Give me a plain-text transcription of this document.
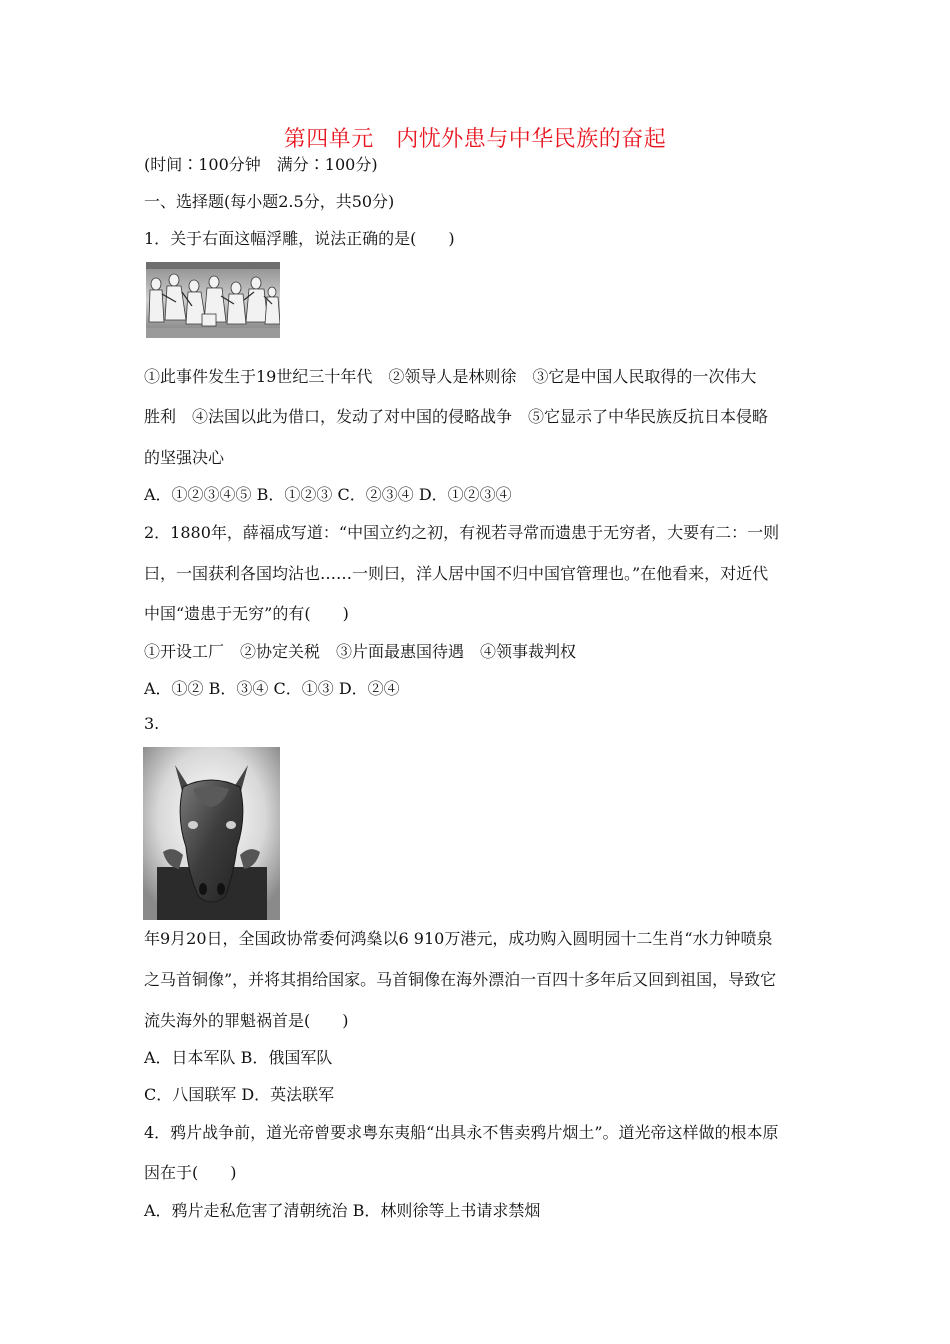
第四单元　内忧外患与中华民族的奋起
(时间∶100分钟　满分∶100分)
一、选择题(每小题2.5分，共50分)
1．关于右面这幅浮雕，说法正确的是(　　)
①此事件发生于19世纪三十年代　②领导人是林则徐　③它是中国人民取得的一次伟大
胜利　④法国以此为借口，发动了对中国的侵略战争　⑤它显示了中华民族反抗日本侵略
的坚强决心
A．①②③④⑤ B．①②③ C．②③④ D．①②③④
2．1880年，薛福成写道：“中国立约之初，有视若寻常而遗患于无穷者，大要有二：一则
曰，一国获利各国均沾也……一则曰，洋人居中国不归中国官管理也。”在他看来，对近代
中国“遗患于无穷”的有(　　)
①开设工厂　②协定关税　③片面最惠国待遇　④领事裁判权
A．①② B．③④ C．①③ D．②④
3.
年9月20日，全国政协常委何鸿燊以6 910万港元，成功购入圆明园十二生肖“水力钟喷泉
之马首铜像”，并将其捐给国家。马首铜像在海外漂泊一百四十多年后又回到祖国，导致它
流失海外的罪魁祸首是(　　)
A．日本军队 B．俄国军队
C．八国联军 D．英法联军
4．鸦片战争前，道光帝曾要求粤东夷船“出具永不售卖鸦片烟土”。道光帝这样做的根本原
因在于(　　)
A．鸦片走私危害了清朝统治 B．林则徐等上书请求禁烟
